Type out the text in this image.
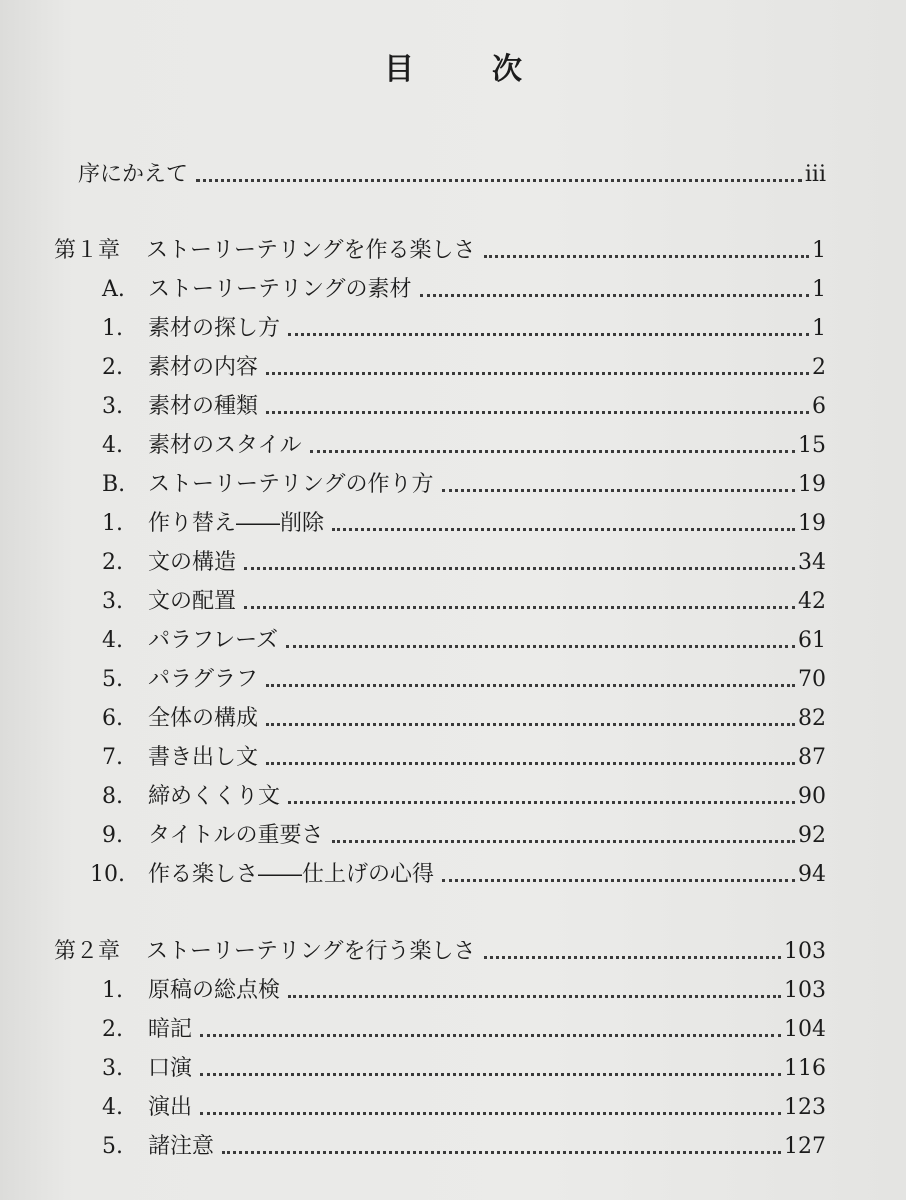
目　次
序にかえて	iii
第１章	ストーリーテリングを作る楽しさ	1
A.	ストーリーテリングの素材	1
1.	素材の探し方	1
2.	素材の内容	2
3.	素材の種類	6
4.	素材のスタイル	15
B.	ストーリーテリングの作り方	19
1.	作り替え――削除	19
2.	文の構造	34
3.	文の配置	42
4.	パラフレーズ	61
5.	パラグラフ	70
6.	全体の構成	82
7.	書き出し文	87
8.	締めくくり文	90
9.	タイトルの重要さ	92
10.	作る楽しさ――仕上げの心得	94
第２章	ストーリーテリングを行う楽しさ	103
1.	原稿の総点検	103
2.	暗記	104
3.	口演	116
4.	演出	123
5.	諸注意	127
